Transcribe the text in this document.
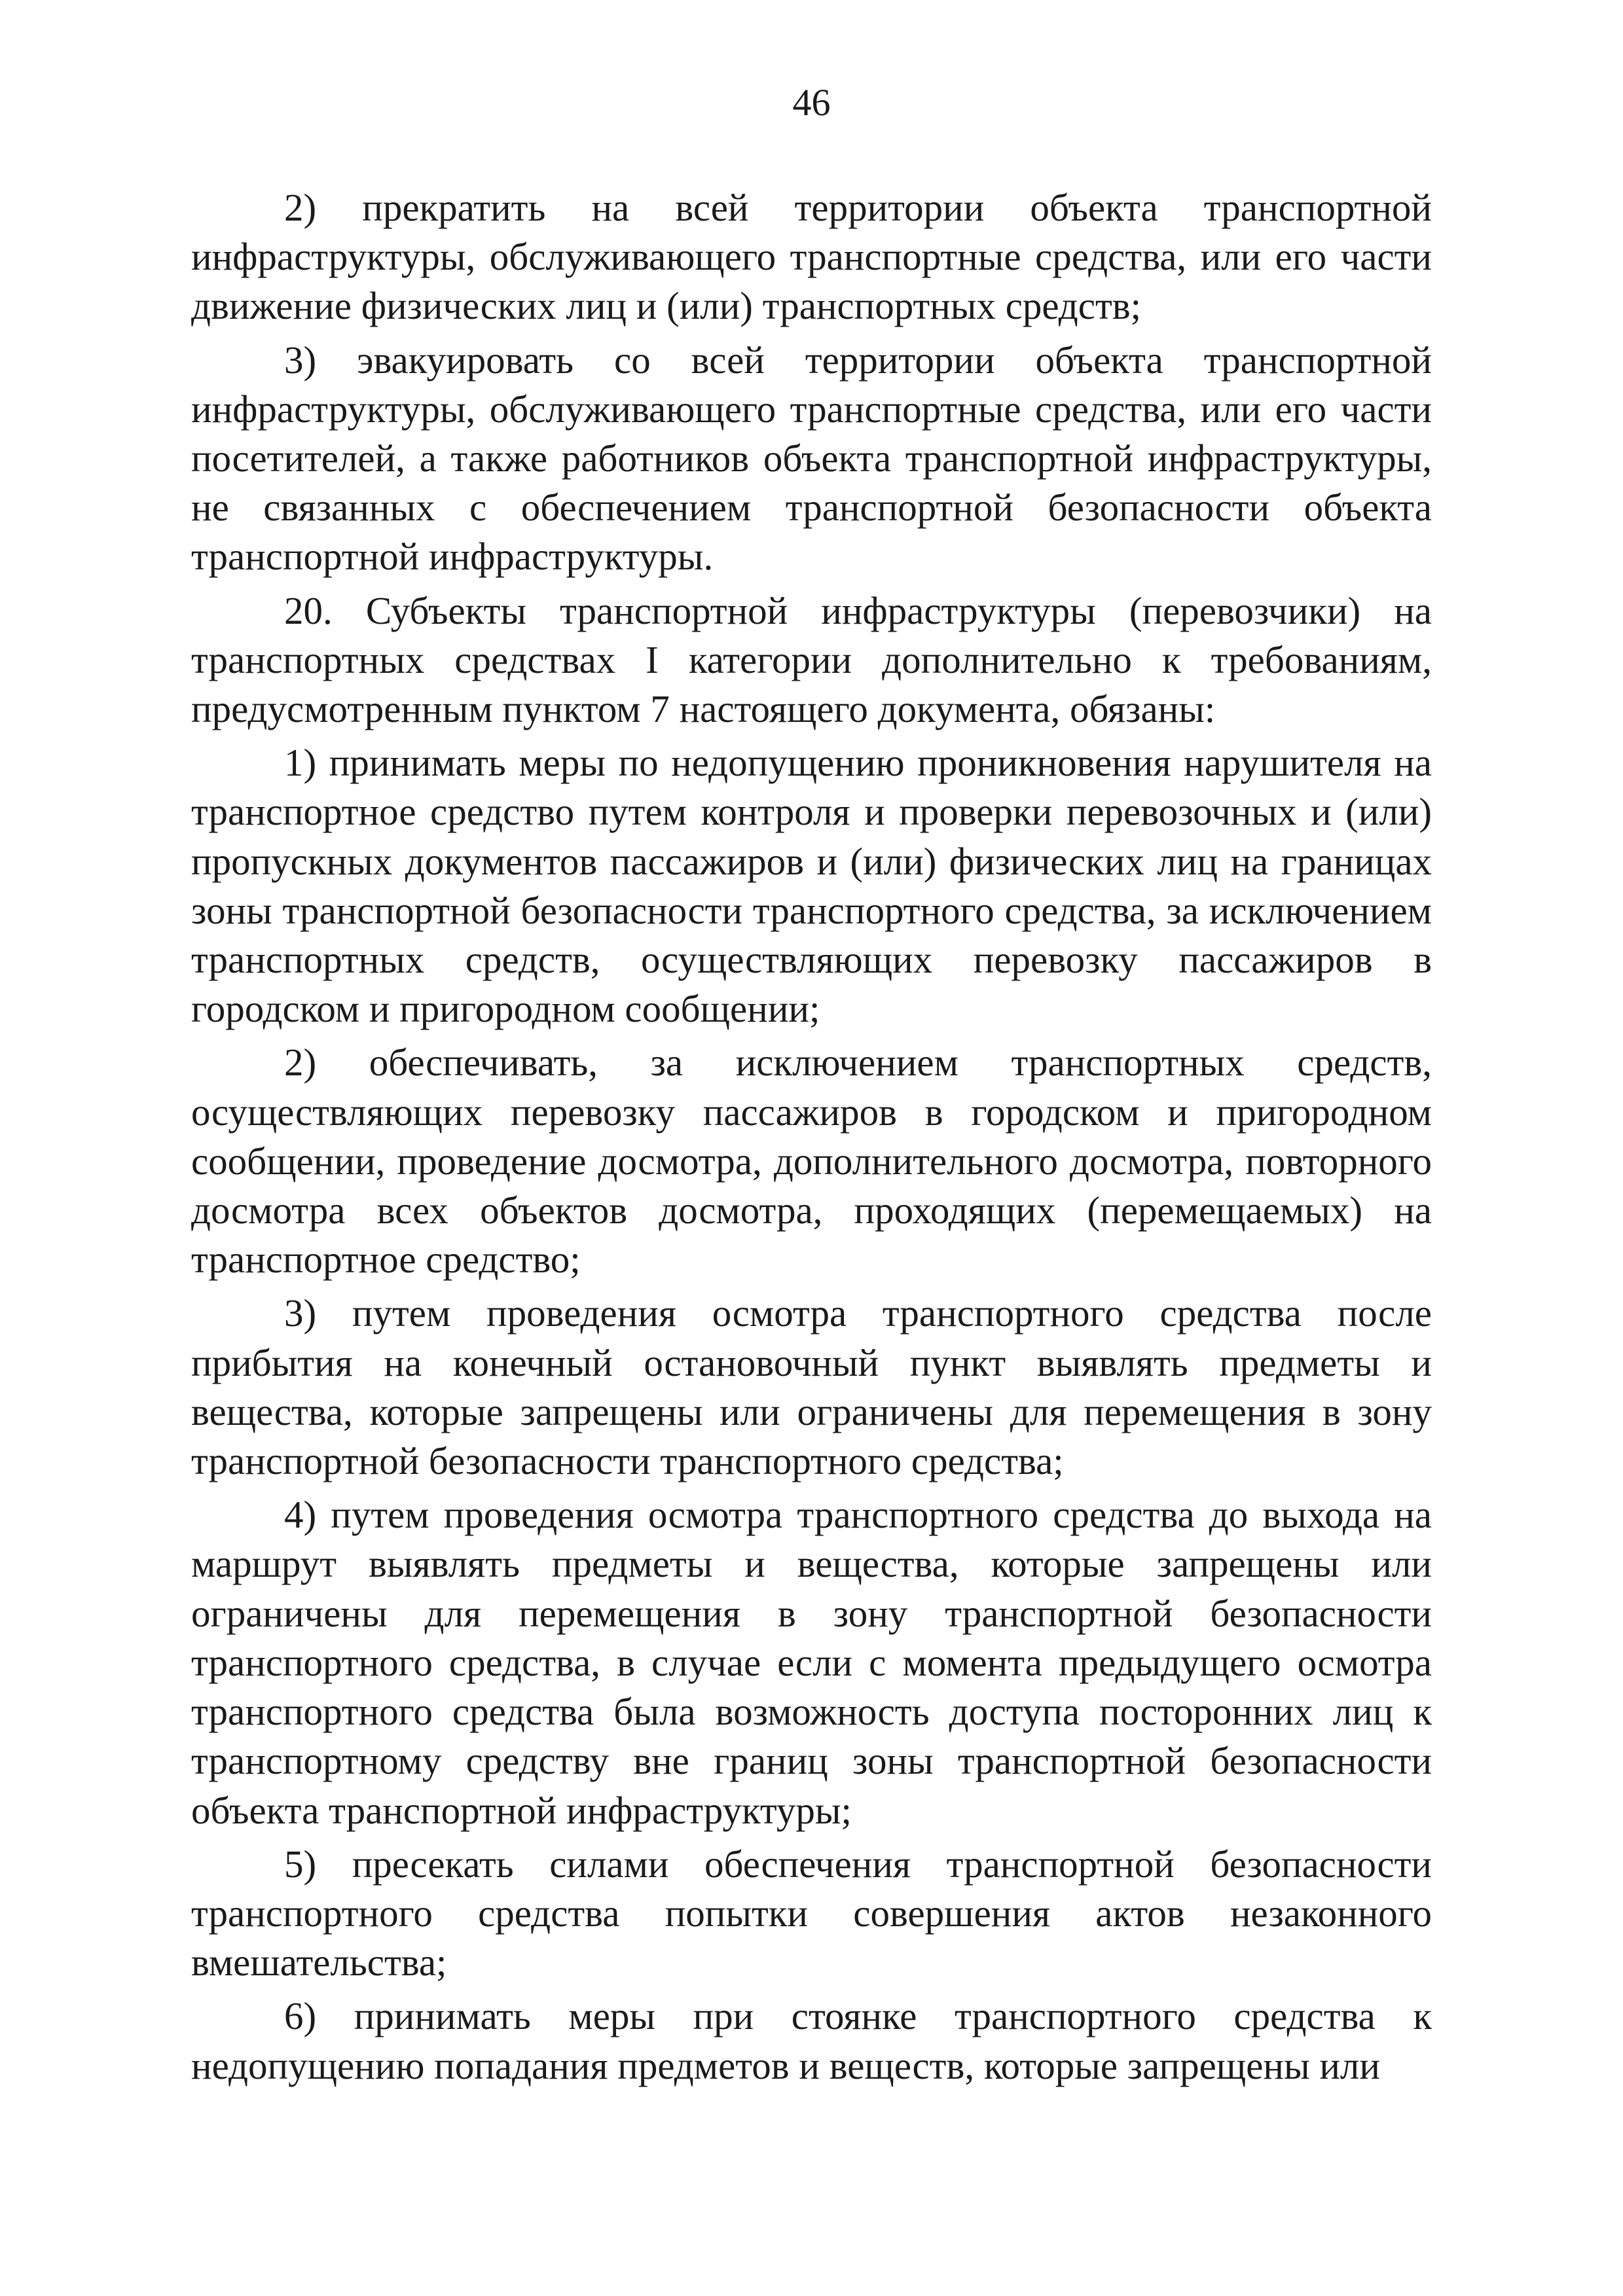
46

2) прекратить на всей территории объекта транспортной инфраструктуры, обслуживающего транспортные средства, или его части движение физических лиц и (или) транспортных средств;

3) эвакуировать со всей территории объекта транспортной инфраструктуры, обслуживающего транспортные средства, или его части посетителей, а также работников объекта транспортной инфраструктуры, не связанных с обеспечением транспортной безопасности объекта транспортной инфраструктуры.

20. Субъекты транспортной инфраструктуры (перевозчики) на транспортных средствах I категории дополнительно к требованиям, предусмотренным пунктом 7 настоящего документа, обязаны:

1) принимать меры по недопущению проникновения нарушителя на транспортное средство путем контроля и проверки перевозочных и (или) пропускных документов пассажиров и (или) физических лиц на границах зоны транспортной безопасности транспортного средства, за исключением транспортных средств, осуществляющих перевозку пассажиров в городском и пригородном сообщении;

2) обеспечивать, за исключением транспортных средств, осуществляющих перевозку пассажиров в городском и пригородном сообщении, проведение досмотра, дополнительного досмотра, повторного досмотра всех объектов досмотра, проходящих (перемещаемых) на транспортное средство;

3) путем проведения осмотра транспортного средства после прибытия на конечный остановочный пункт выявлять предметы и вещества, которые запрещены или ограничены для перемещения в зону транспортной безопасности транспортного средства;

4) путем проведения осмотра транспортного средства до выхода на маршрут выявлять предметы и вещества, которые запрещены или ограничены для перемещения в зону транспортной безопасности транспортного средства, в случае если с момента предыдущего осмотра транспортного средства была возможность доступа посторонних лиц к транспортному средству вне границ зоны транспортной безопасности объекта транспортной инфраструктуры;

5) пресекать силами обеспечения транспортной безопасности транспортного средства попытки совершения актов незаконного вмешательства;

6) принимать меры при стоянке транспортного средства к недопущению попадания предметов и веществ, которые запрещены или
